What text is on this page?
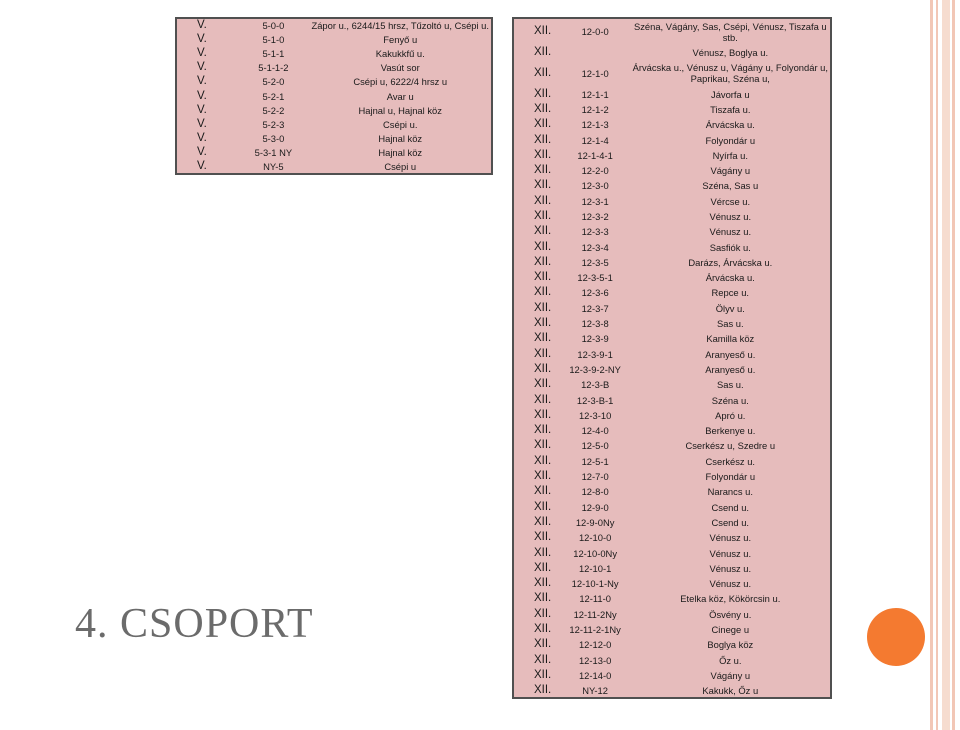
V.	5-0-0	Zápor u., 6244/15 hrsz, Tűzoltó u, Csépi u.

V.	5-1-0	Fenyő u

V.	5-1-1	Kakukkfű u.

V.	5-1-1-2	Vasút sor

V.	5-2-0	Csépi u, 6222/4 hrsz u

V.	5-2-1	Avar u

V.	5-2-2	Hajnal u, Hajnal köz

V.	5-2-3	Csépi u.

V.	5-3-0	Hajnal köz

V.	5-3-1 NY	Hajnal köz

V.	NY-5	Csépi u
XII.	12-0-0	Széna, Vágány, Sas, Csépi, Vénusz, Tiszafa u
stb.

XII.		Vénusz, Boglya u.

XII.	12-1-0	Árvácska u., Vénusz u, Vágány u, Folyondár u,
Paprikau, Széna u,

XII.	12-1-1	Jávorfa u

XII.	12-1-2	Tiszafa u.

XII.	12-1-3	Árvácska u.

XII.	12-1-4	Folyondár u

XII.	12-1-4-1	Nyírfa u.

XII.	12-2-0	Vágány u

XII.	12-3-0	Széna, Sas u

XII.	12-3-1	Vércse u.

XII.	12-3-2	Vénusz u.

XII.	12-3-3	Vénusz u.

XII.	12-3-4	Sasfiók u.

XII.	12-3-5	Darázs, Árvácska u.

XII.	12-3-5-1	Árvácska u.

XII.	12-3-6	Repce u.

XII.	12-3-7	Ölyv u.

XII.	12-3-8	Sas u.

XII.	12-3-9	Kamilla köz

XII.	12-3-9-1	Aranyeső u.

XII.	12-3-9-2-NY	Aranyeső u.

XII.	12-3-B	Sas u.

XII.	12-3-B-1	Széna u.

XII.	12-3-10	Apró u.

XII.	12-4-0	Berkenye u.

XII.	12-5-0	Cserkész u, Szedre u

XII.	12-5-1	Cserkész u.

XII.	12-7-0	Folyondár u

XII.	12-8-0	Narancs u.

XII.	12-9-0	Csend u.

XII.	12-9-0Ny	Csend u.

XII.	12-10-0	Vénusz u.

XII.	12-10-0Ny	Vénusz u.

XII.	12-10-1	Vénusz u.

XII.	12-10-1-Ny	Vénusz u.

XII.	12-11-0	Etelka köz, Kökörcsin u.

XII.	12-11-2Ny	Ösvény u.

XII.	12-11-2-1Ny	Cinege u

XII.	12-12-0	Boglya köz

XII.	12-13-0	Őz u.

XII.	12-14-0	Vágány u

XII.	NY-12	Kakukk, Őz u
4. CSOPORT
